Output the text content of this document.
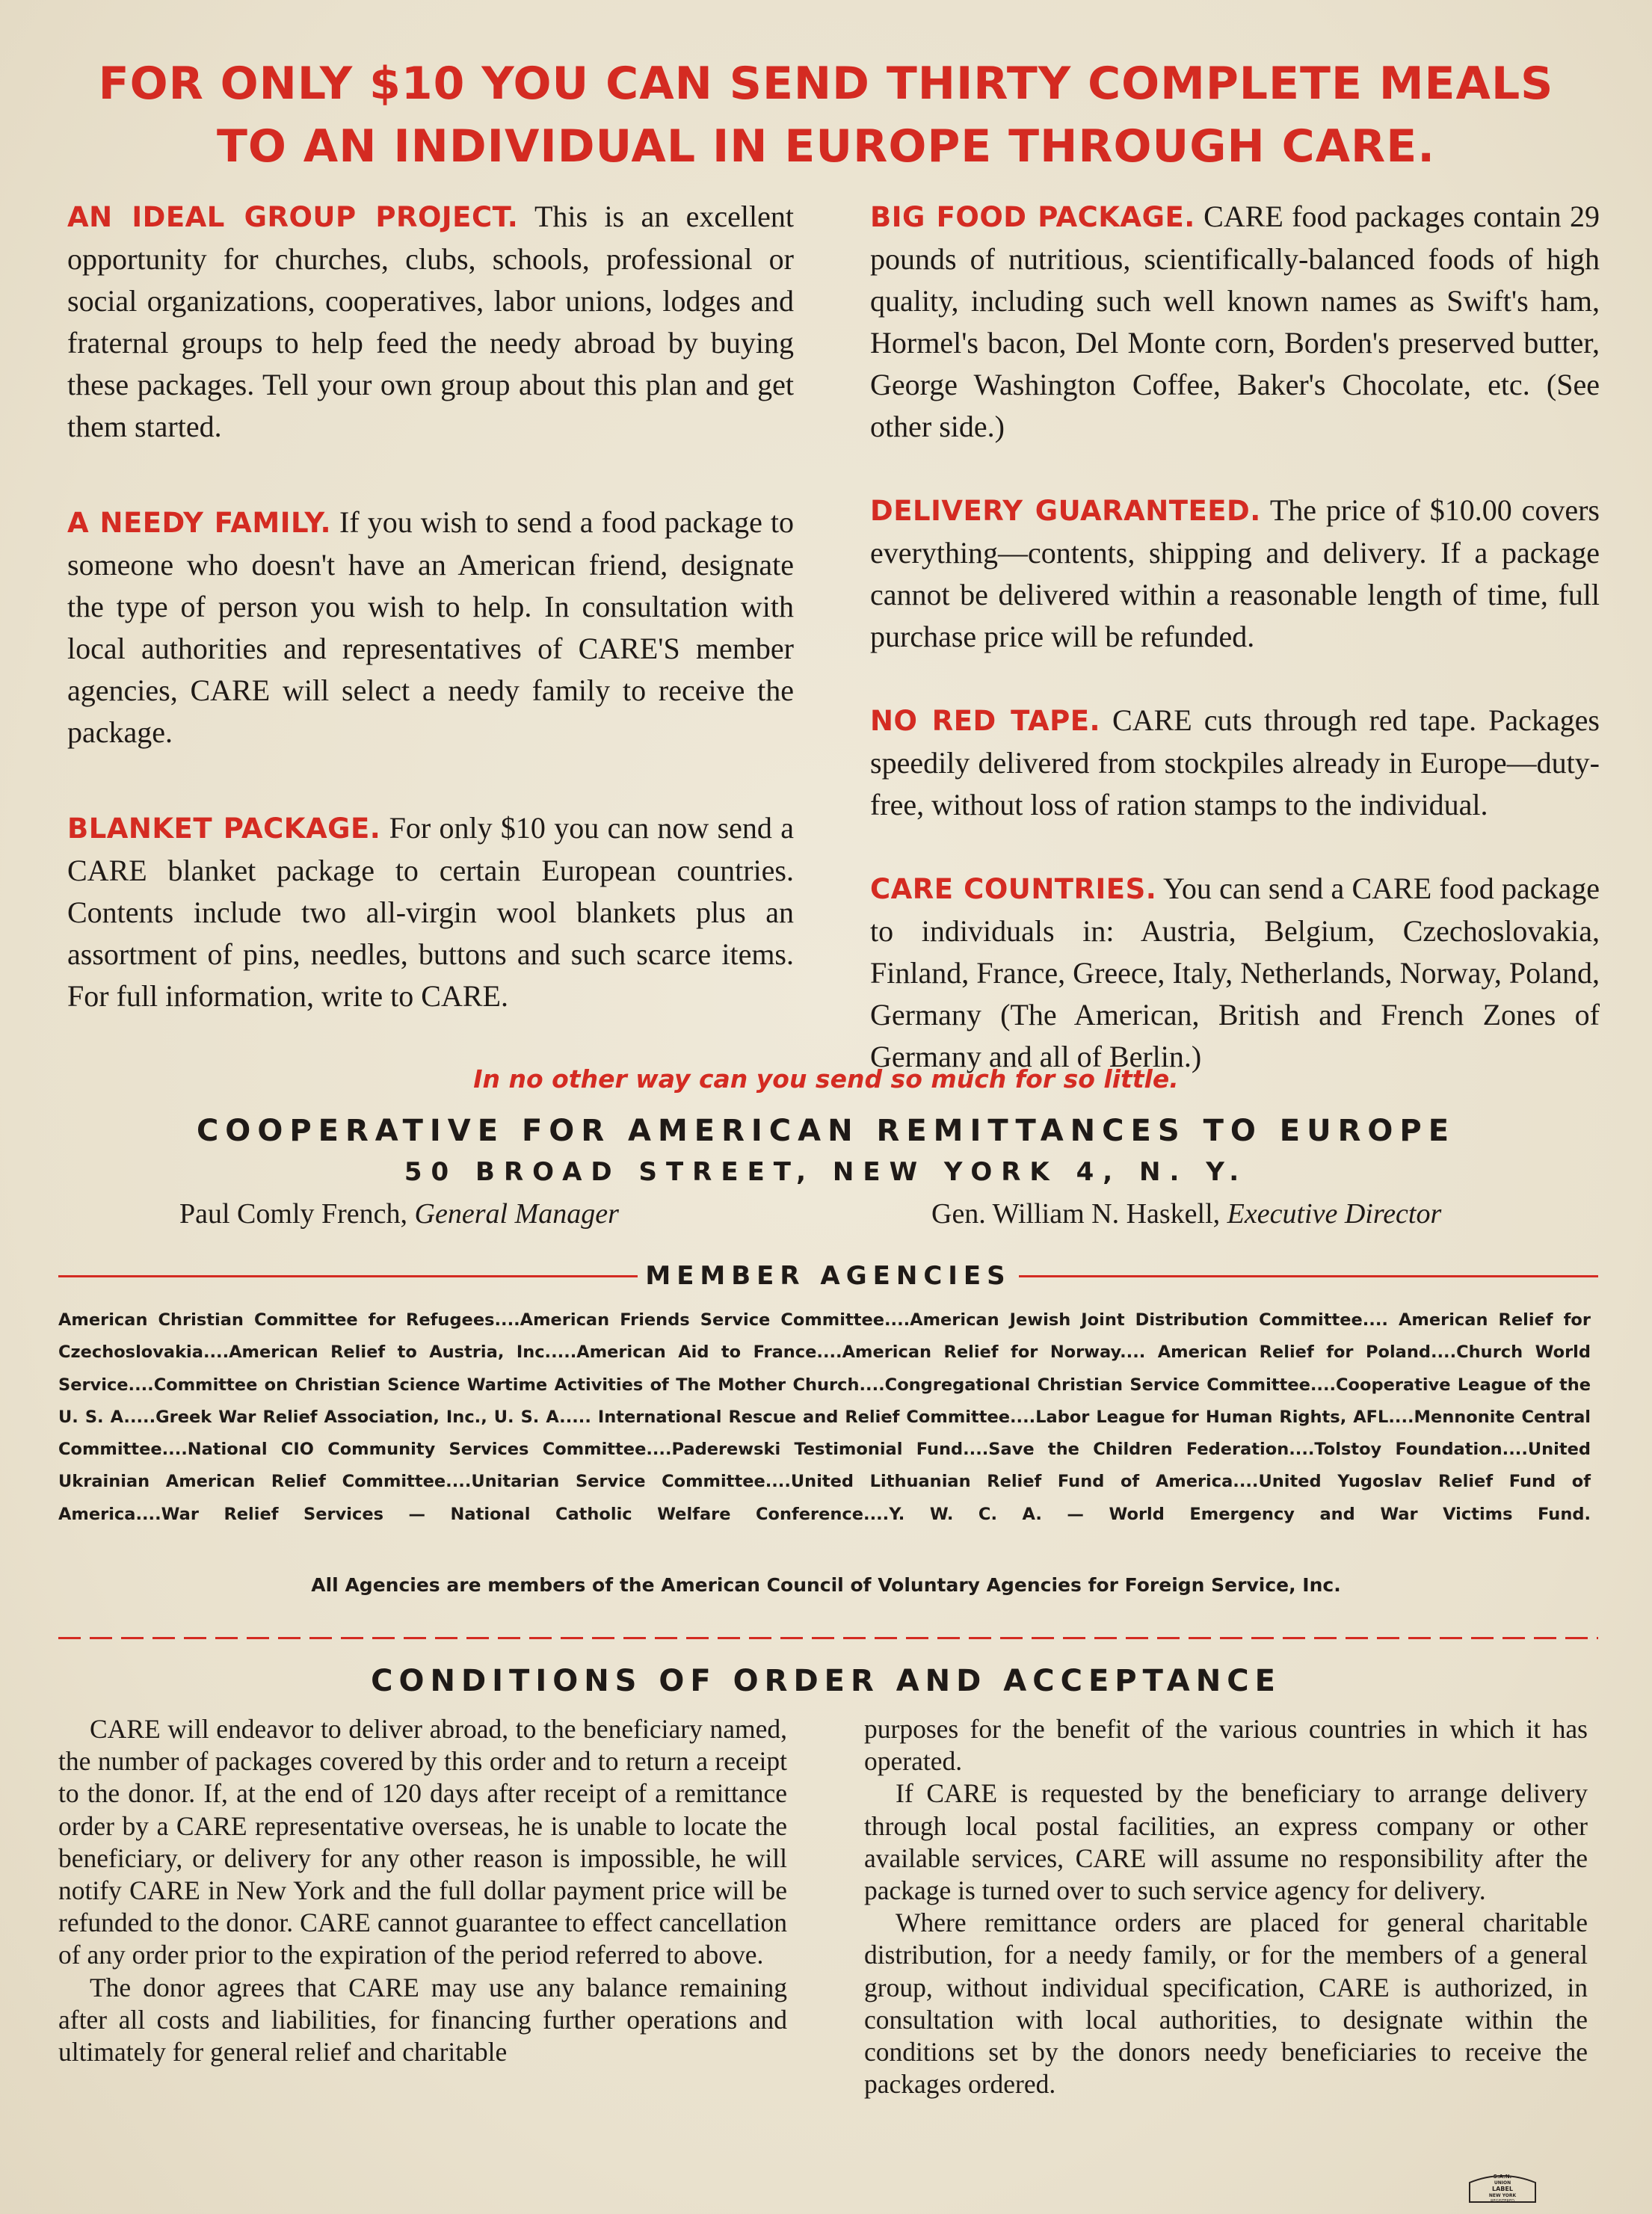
FOR ONLY $10 YOU CAN SEND THIRTY COMPLETE MEALS
TO AN INDIVIDUAL IN EUROPE THROUGH CARE.

AN IDEAL GROUP PROJECT. This is an excellent opportunity for churches, clubs, schools, professional or social organizations, cooperatives, labor unions, lodges and fraternal groups to help feed the needy abroad by buying these packages. Tell your own group about this plan and get them started.

A NEEDY FAMILY. If you wish to send a food package to someone who doesn't have an American friend, designate the type of person you wish to help. In consultation with local authorities and representatives of CARE'S member agencies, CARE will select a needy family to receive the package.

BLANKET PACKAGE. For only $10 you can now send a CARE blanket package to certain European countries. Contents include two all-virgin wool blankets plus an assortment of pins, needles, buttons and such scarce items. For full information, write to CARE.

BIG FOOD PACKAGE. CARE food packages contain 29 pounds of nutritious, scientifically-balanced foods of high quality, including such well known names as Swift's ham, Hormel's bacon, Del Monte corn, Borden's preserved butter, George Washington Coffee, Baker's Chocolate, etc. (See other side.)

DELIVERY GUARANTEED. The price of $10.00 covers everything—contents, shipping and delivery. If a package cannot be delivered within a reasonable length of time, full purchase price will be refunded.

NO RED TAPE. CARE cuts through red tape. Packages speedily delivered from stockpiles already in Europe—duty-free, without loss of ration stamps to the individual.

CARE COUNTRIES. You can send a CARE food package to individuals in: Austria, Belgium, Czechoslovakia, Finland, France, Greece, Italy, Netherlands, Norway, Poland, Germany (The American, British and French Zones of Germany and all of Berlin.)

In no other way can you send so much for so little.
COOPERATIVE FOR AMERICAN REMITTANCES TO EUROPE
50 BROAD STREET, NEW YORK 4, N. Y.
Paul Comly French, General Manager	Gen. William N. Haskell, Executive Director
MEMBER AGENCIES
American Christian Committee for Refugees....American Friends Service Committee....American Jewish Joint Distribution Committee.... American Relief for Czechoslovakia....American Relief to Austria, Inc.....American Aid to France....American Relief for Norway.... American Relief for Poland....Church World Service....Committee on Christian Science Wartime Activities of The Mother Church....Congregational Christian Service Committee....Cooperative League of the U. S. A.....Greek War Relief Association, Inc., U. S. A..... International Rescue and Relief Committee....Labor League for Human Rights, AFL....Mennonite Central Committee....National CIO Community Services Committee....Paderewski Testimonial Fund....Save the Children Federation....Tolstoy Foundation....United Ukrainian American Relief Committee....Unitarian Service Committee....United Lithuanian Relief Fund of America....United Yugoslav Relief Fund of America....War Relief Services — National Catholic Welfare Conference....Y. W. C. A. — World Emergency and War Victims Fund.
All Agencies are members of the American Council of Voluntary Agencies for Foreign Service, Inc.
CONDITIONS OF ORDER AND ACCEPTANCE

CARE will endeavor to deliver abroad, to the beneficiary named, the number of packages covered by this order and to return a receipt to the donor. If, at the end of 120 days after receipt of a remittance order by a CARE representative overseas, he is unable to locate the beneficiary, or delivery for any other reason is impossible, he will notify CARE in New York and the full dollar payment price will be refunded to the donor. CARE cannot guarantee to effect cancellation of any order prior to the expiration of the period referred to above.

The donor agrees that CARE may use any balance remaining after all costs and liabilities, for financing further operations and ultimately for general relief and charitable

purposes for the benefit of the various countries in which it has operated.

If CARE is requested by the beneficiary to arrange delivery through local postal facilities, an express company or other available services, CARE will assume no responsibility after the package is turned over to such service agency for delivery.

Where remittance orders are placed for general charitable distribution, for a needy family, or for the members of a general group, without individual specification, CARE is authorized, in consultation with local authorities, to designate within the conditions set by the donors needy beneficiaries to receive the packages ordered.

S.A.N.
UNION
LABEL
NEW YORK
REGISTERED
